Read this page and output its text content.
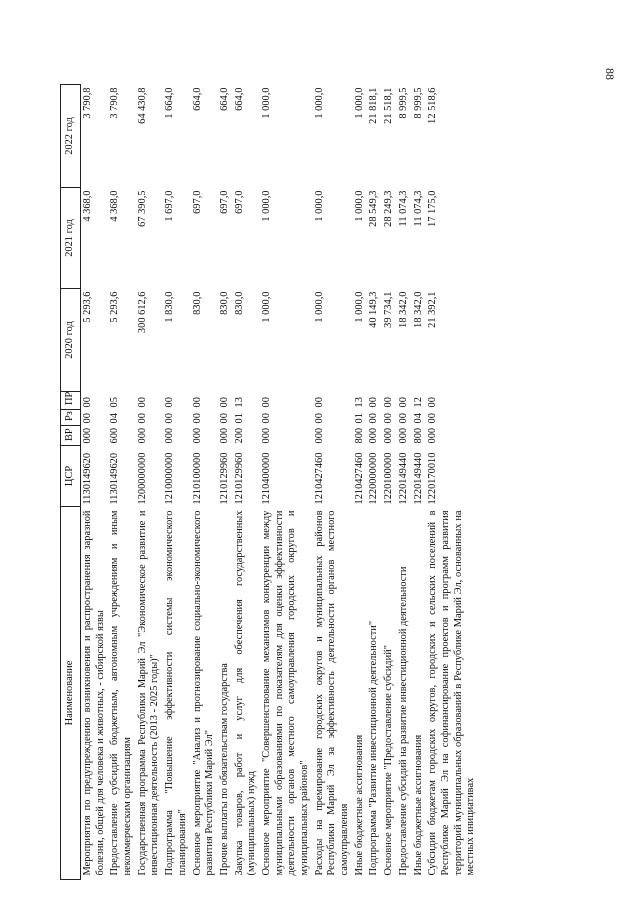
88
Наименование	ЦСР	ВР	Рз	ПР	2020 год	2021 год	2022 год
Мероприятия по предупреждению возникновения и распространения заразной болезни, общей для человека и животных, - сибирской язвы	1130149620	000	00	00	5 293,6	4 368,0	3 790,8
Предоставление субсидий бюджетным, автономным учреждениям и иным некоммерческим организациям	1130149620	600	04	05	5 293,6	4 368,0	3 790,8
Государственная программа Республики Марий Эл "Экономическое развитие и инвестиционная деятельность (2013 - 2025 годы)"	1200000000	000	00	00	300 612,6	67 390,5	64 430,8
Подпрограмма "Повышение эффективности системы экономического планирования"	1210000000	000	00	00	1 830,0	1 697,0	1 664,0
Основное мероприятие "Анализ и прогнозирование социально-экономического развития Республики Марий Эл"	1210100000	000	00	00	830,0	697,0	664,0
Прочие выплаты по обязательствам государства	1210129960	000	00	00	830,0	697,0	664,0
Закупка товаров, работ и услуг для обеспечения государственных (муниципальных) нужд	1210129960	200	01	13	830,0	697,0	664,0
Основное мероприятие "Совершенствование механизмов конкуренции между муниципальными образованиями по показателям для оценки эффективности деятельности органов местного самоуправления городских округов и муниципальных районов"	1210400000	000	00	00	1 000,0	1 000,0	1 000,0
Расходы на премирование городских округов и муниципальных районов Республики Марий Эл за эффективность деятельности органов местного самоуправления	1210427460	000	00	00	1 000,0	1 000,0	1 000,0
Иные бюджетные ассигнования	1210427460	800	01	13	1 000,0	1 000,0	1 000,0
Подпрограмма "Развитие инвестиционной деятельности"	1220000000	000	00	00	40 149,3	28 549,3	21 818,1
Основное мероприятие "Предоставление субсидий"	1220100000	000	00	00	39 734,1	28 249,3	21 518,1
Предоставление субсидий на развитие инвестиционной деятельности	1220149440	000	00	00	18 342,0	11 074,3	8 999,5
Иные бюджетные ассигнования	1220149440	800	04	12	18 342,0	11 074,3	8 999,5
Субсидии бюджетам городских округов, городских и сельских поселений в Республике Марий Эл на софинансирование проектов и программ развития территорий муниципальных образований в Республике Марий Эл, основанных на местных инициативах	1220170010	000	00	00	21 392,1	17 175,0	12 518,6
